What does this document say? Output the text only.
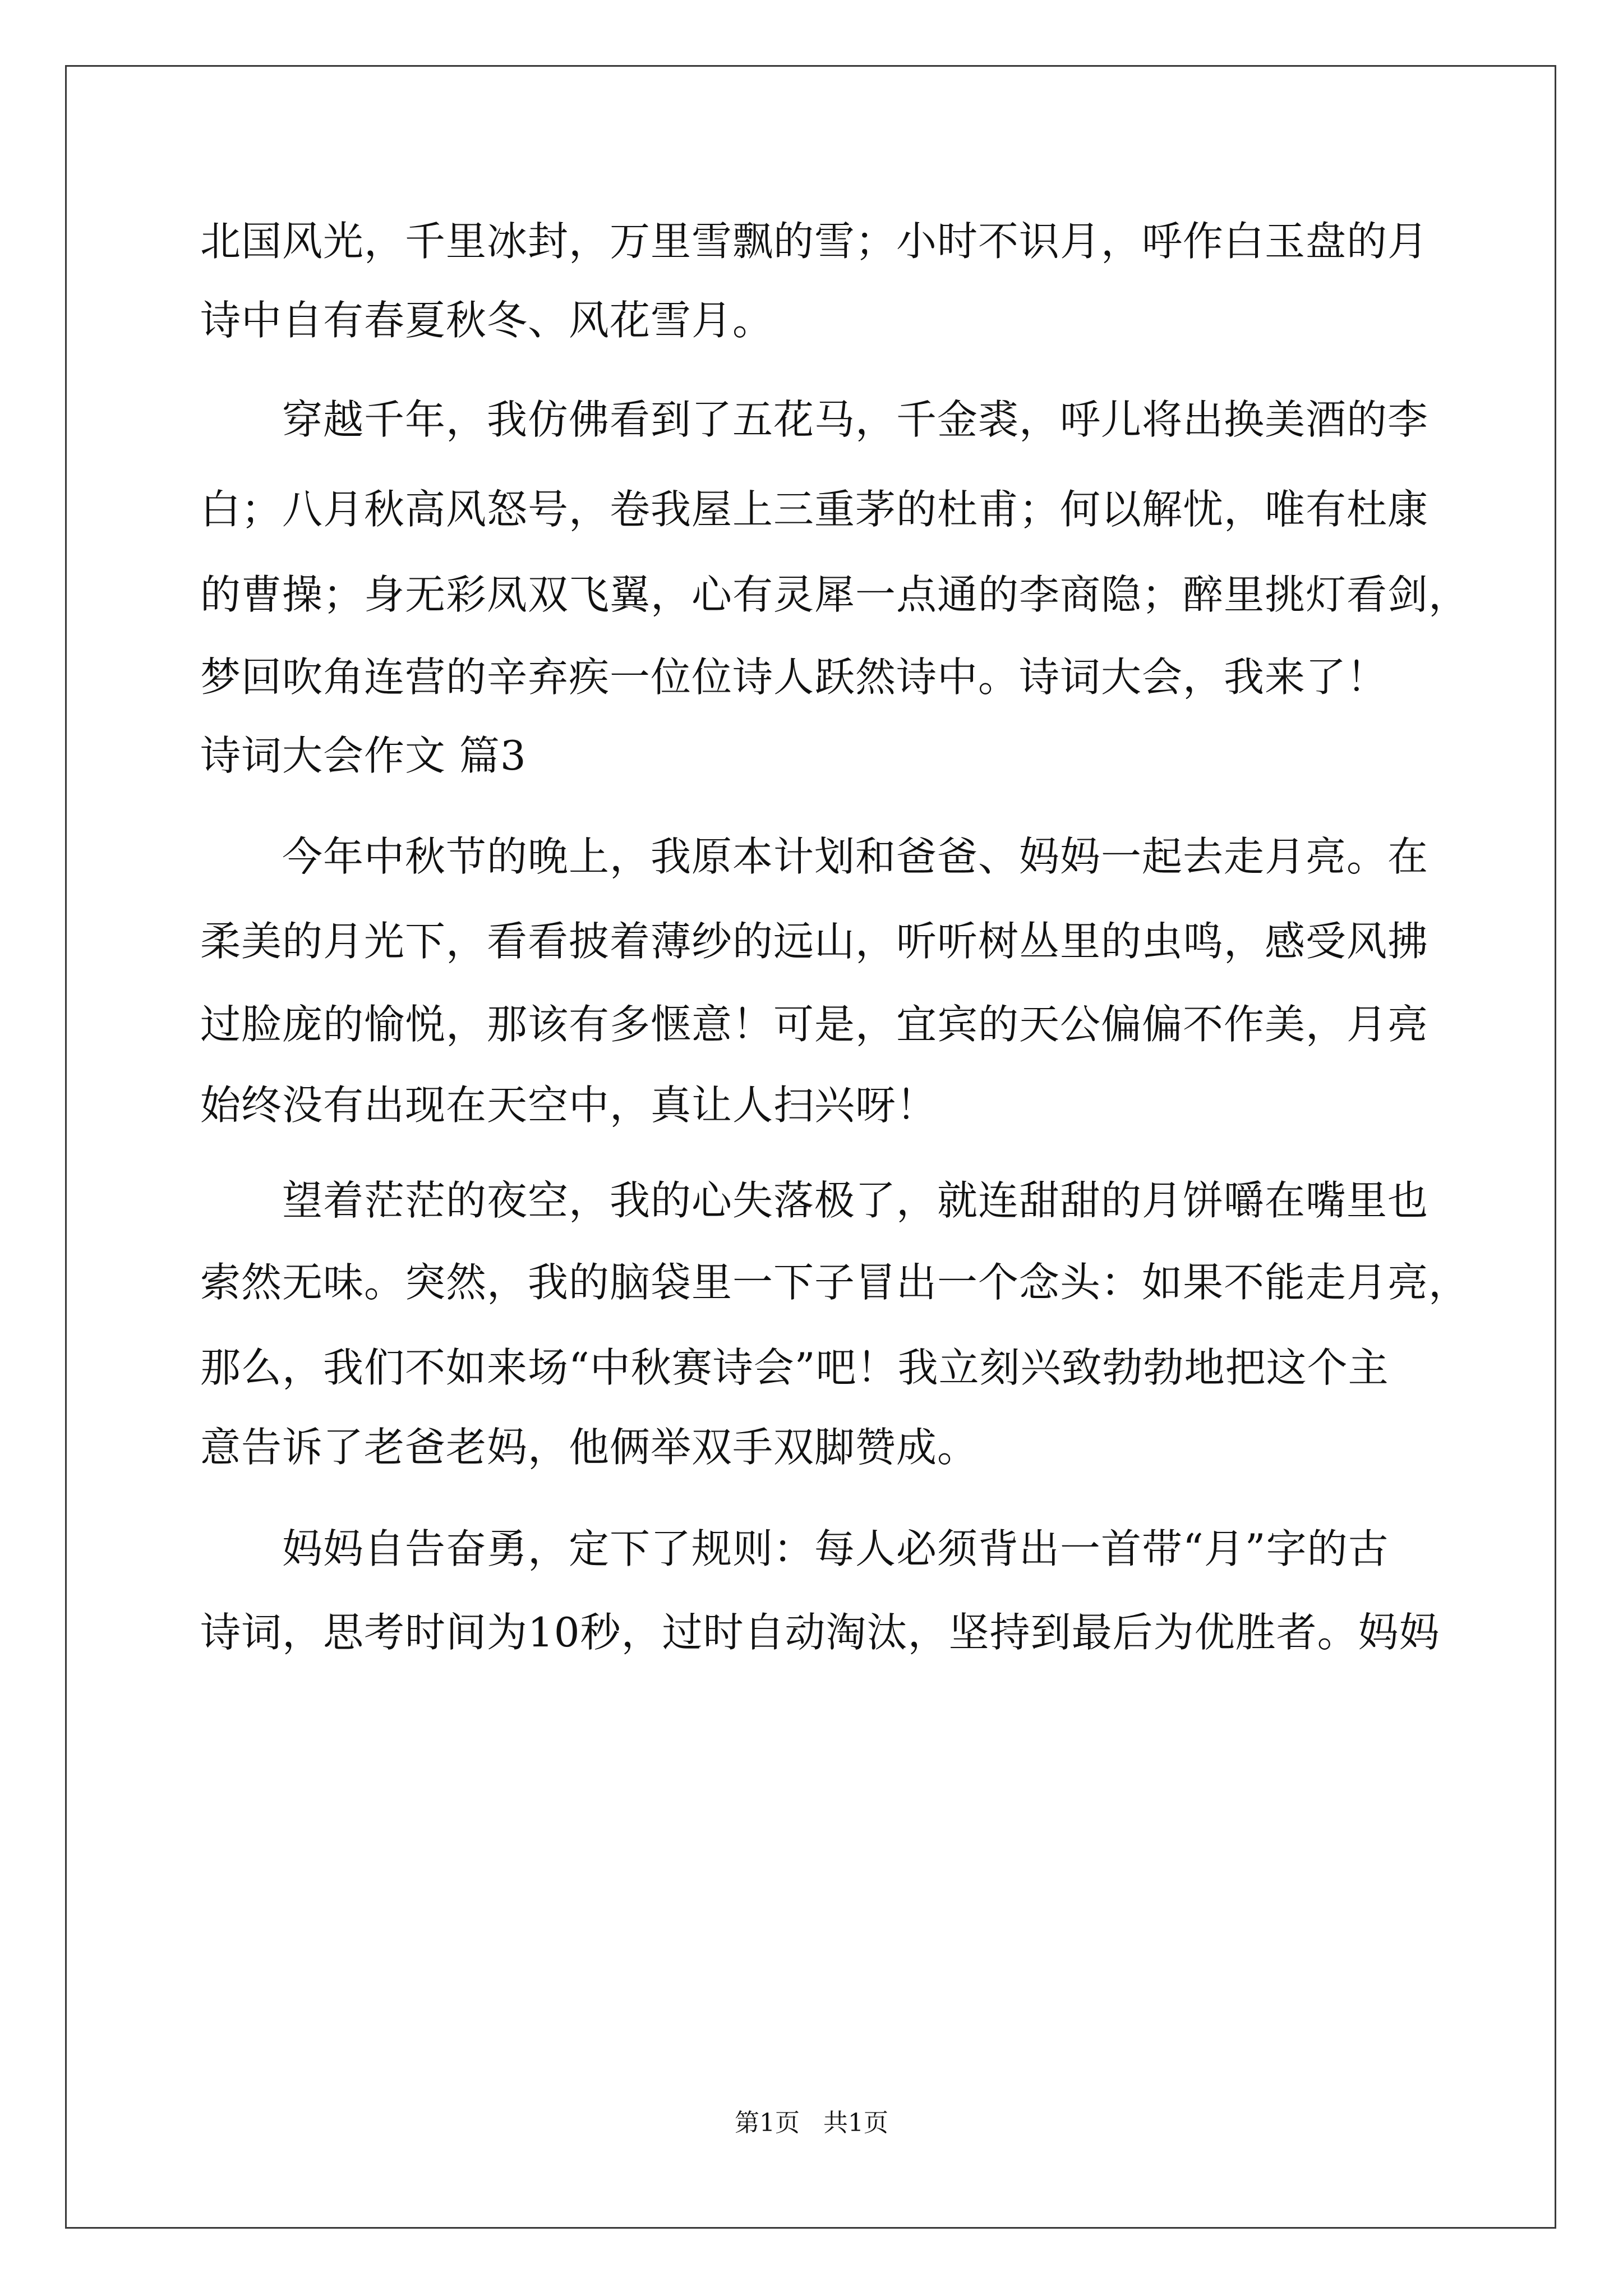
北国风光，千里冰封，万里雪飘的雪；小时不识月，呼作白玉盘的月
诗中自有春夏秋冬、风花雪月。
　　穿越千年，我仿佛看到了五花马，千金裘，呼儿将出换美酒的李
白；八月秋高风怒号，卷我屋上三重茅的杜甫；何以解忧，唯有杜康
的曹操；身无彩凤双飞翼，心有灵犀一点通的李商隐；醉里挑灯看剑，
梦回吹角连营的辛弃疾一位位诗人跃然诗中。诗词大会，我来了！
诗词大会作文 篇3
　　今年中秋节的晚上，我原本计划和爸爸、妈妈一起去走月亮。在
柔美的月光下，看看披着薄纱的远山，听听树丛里的虫鸣，感受风拂
过脸庞的愉悦，那该有多惬意！可是，宜宾的天公偏偏不作美，月亮
始终没有出现在天空中，真让人扫兴呀！
　　望着茫茫的夜空，我的心失落极了，就连甜甜的月饼嚼在嘴里也
索然无味。突然，我的脑袋里一下子冒出一个念头：如果不能走月亮，
那么，我们不如来场“中秋赛诗会”吧！我立刻兴致勃勃地把这个主
意告诉了老爸老妈，他俩举双手双脚赞成。
　　妈妈自告奋勇，定下了规则：每人必须背出一首带“月”字的古
诗词，思考时间为10秒，过时自动淘汰，坚持到最后为优胜者。妈妈
第1页 共1页
